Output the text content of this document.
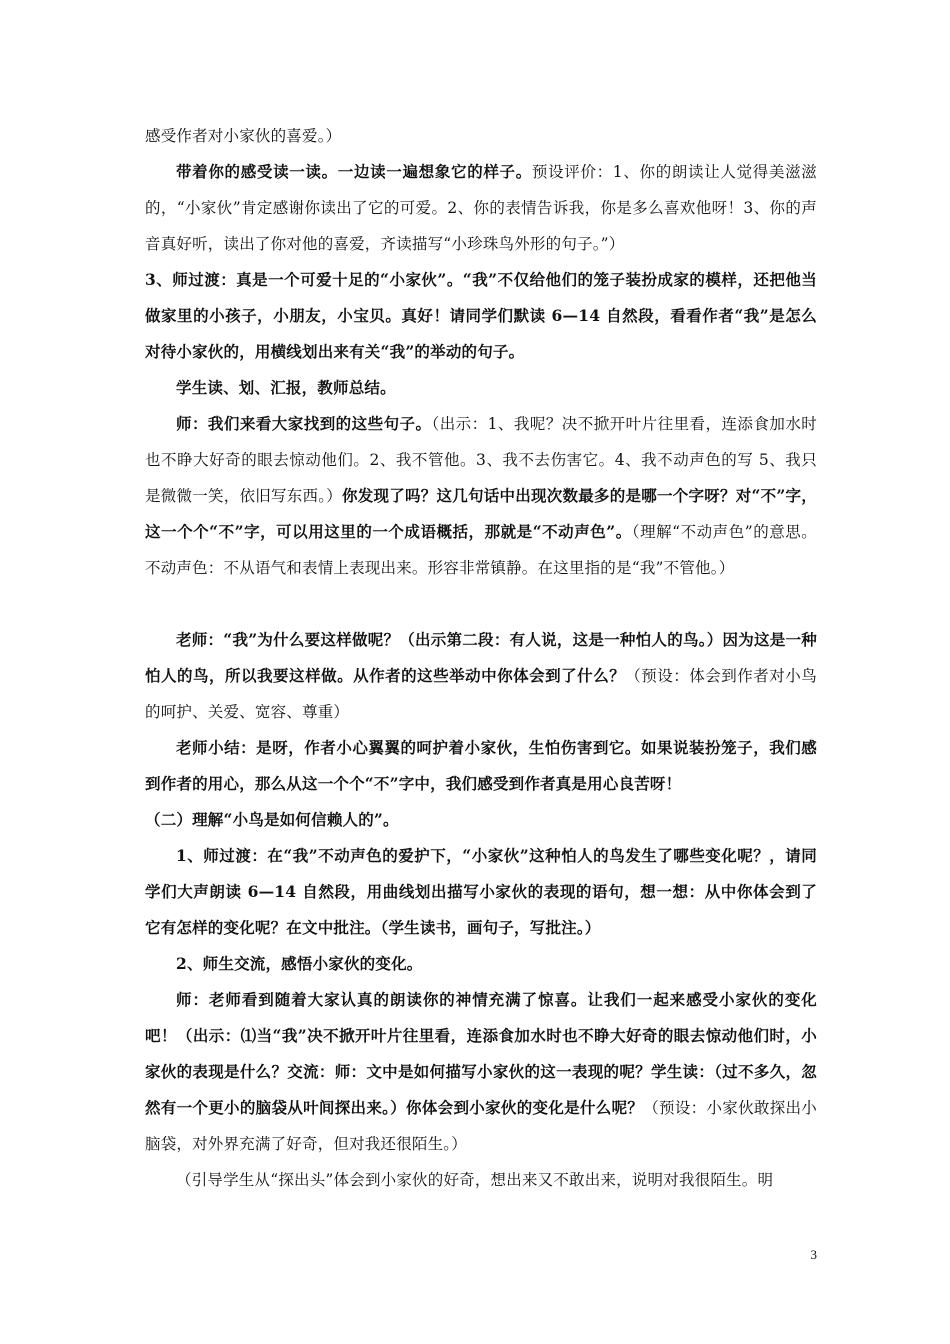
感受作者对小家伙的喜爱。）

带着你的感受读一读。一边读一遍想象它的样子。预设评价：1、你的朗读让人觉得美滋滋的，“小家伙”肯定感谢你读出了它的可爱。2、你的表情告诉我，你是多么喜欢他呀！3、你的声音真好听，读出了你对他的喜爱，齐读描写“小珍珠鸟外形的句子。”）

3、师过渡：真是一个可爱十足的“小家伙”。“我”不仅给他们的笼子装扮成家的模样，还把他当做家里的小孩子，小朋友，小宝贝。真好！请同学们默读 6—14 自然段，看看作者“我”是怎么对待小家伙的，用横线划出来有关“我”的举动的句子。

学生读、划、汇报，教师总结。

师：我们来看大家找到的这些句子。（出示：1、我呢？决不掀开叶片往里看，连添食加水时也不睁大好奇的眼去惊动他们。2、我不管他。3、我不去伤害它。4、我不动声色的写 5、我只是微微一笑，依旧写东西。）你发现了吗？这几句话中出现次数最多的是哪一个字呀？对“不”字，这一个个“不”字，可以用这里的一个成语概括，那就是“不动声色”。（理解“不动声色”的意思。不动声色：不从语气和表情上表现出来。形容非常镇静。在这里指的是“我”不管他。）

老师：“我”为什么要这样做呢？（出示第二段：有人说，这是一种怕人的鸟。）因为这是一种怕人的鸟，所以我要这样做。从作者的这些举动中你体会到了什么？（预设：体会到作者对小鸟的呵护、关爱、宽容、尊重）

老师小结：是呀，作者小心翼翼的呵护着小家伙，生怕伤害到它。如果说装扮笼子，我们感到作者的用心，那么从这一个个“不”字中，我们感受到作者真是用心良苦呀！

（二）理解“小鸟是如何信赖人的”。

1、师过渡：在“我”不动声色的爱护下，“小家伙”这种怕人的鸟发生了哪些变化呢？，请同学们大声朗读 6—14 自然段，用曲线划出描写小家伙的表现的语句，想一想：从中你体会到了它有怎样的变化呢？在文中批注。（学生读书，画句子，写批注。）

2、师生交流，感悟小家伙的变化。

师：老师看到随着大家认真的朗读你的神情充满了惊喜。让我们一起来感受小家伙的变化吧！（出示：⑴当“我”决不掀开叶片往里看，连添食加水时也不睁大好奇的眼去惊动他们时，小家伙的表现是什么？交流：师：文中是如何描写小家伙的这一表现的呢？学生读：（过不多久，忽然有一个更小的脑袋从叶间探出来。）你体会到小家伙的变化是什么呢？（预设：小家伙敢探出小脑袋，对外界充满了好奇，但对我还很陌生。）

（引导学生从“探出头”体会到小家伙的好奇，想出来又不敢出来，说明对我很陌生。明

3
